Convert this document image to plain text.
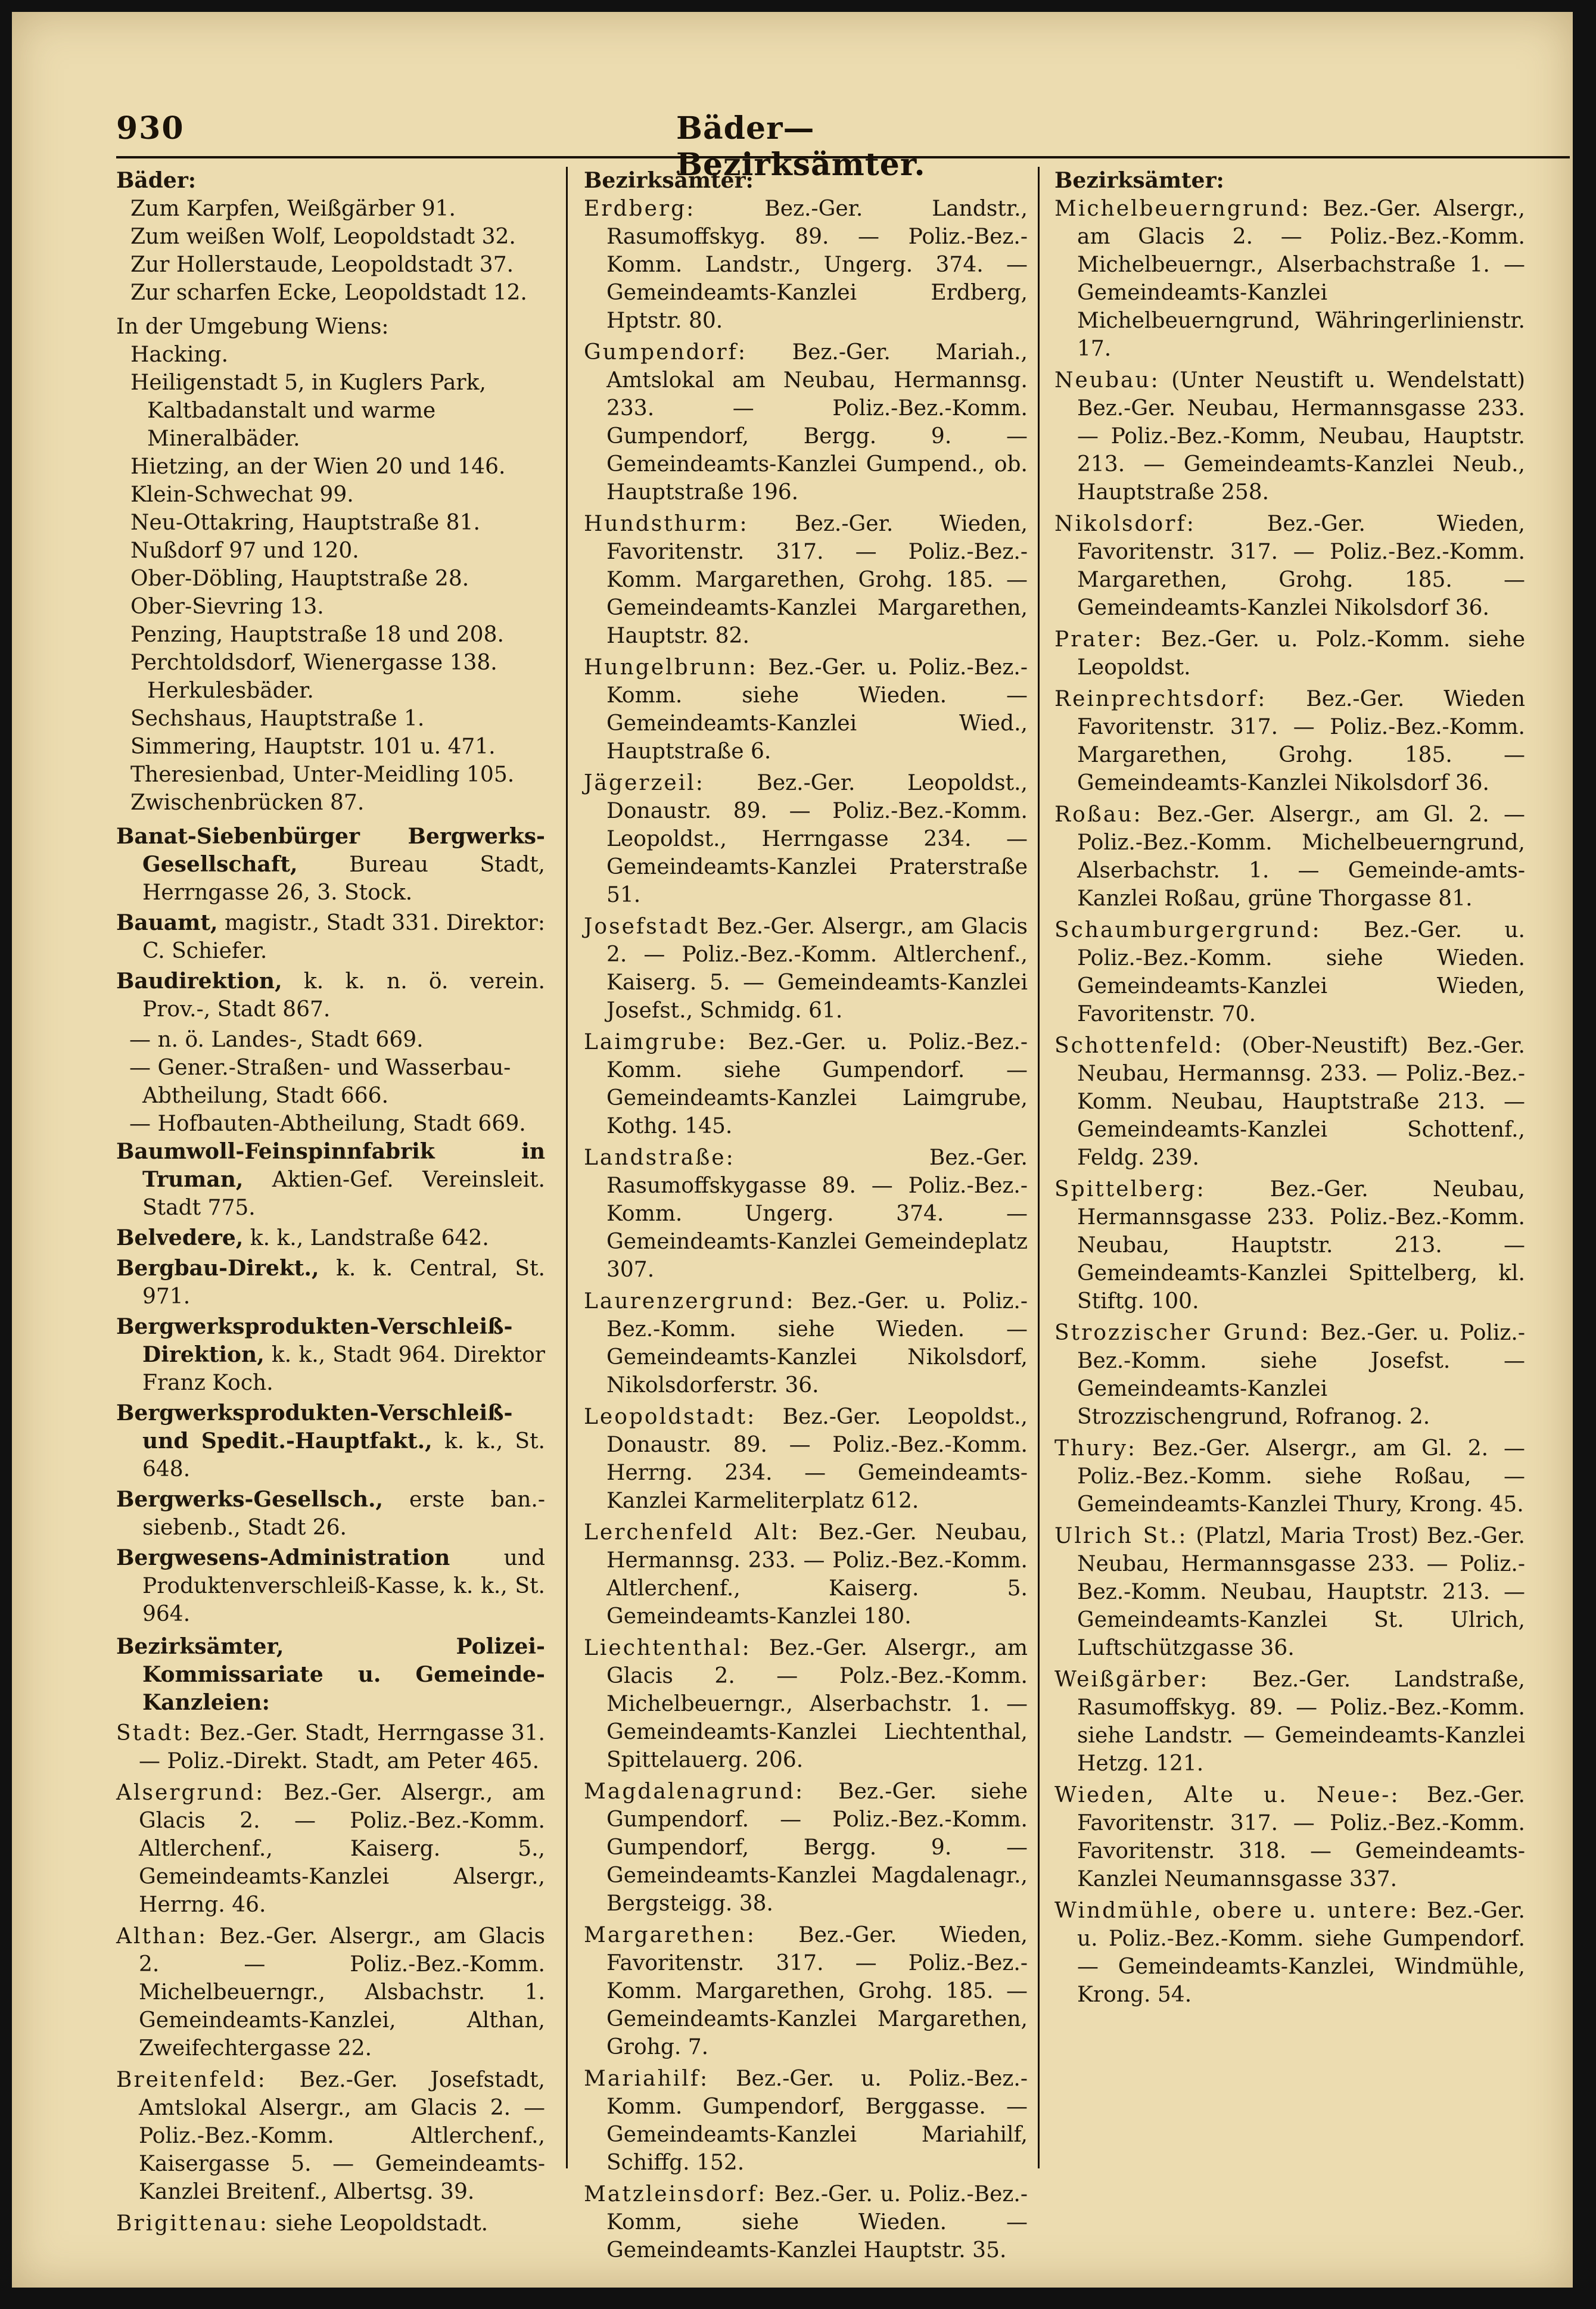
930	Bäder—Bezirksämter.

Bäder:

Zum Karpfen, Weißgärber 91.

Zum weißen Wolf, Leopoldstadt 32.

Zur Hollerstaude, Leopoldstadt 37.

Zur scharfen Ecke, Leopoldstadt 12.

In der Umgebung Wiens:

Hacking.

Heiligenstadt 5, in Kuglers Park, Kaltbadanstalt und warme Mineralbäder.

Hietzing, an der Wien 20 und 146.

Klein-Schwechat 99.

Neu-Ottakring, Hauptstraße 81.

Nußdorf 97 und 120.

Ober-Döbling, Hauptstraße 28.

Ober-Sievring 13.

Penzing, Hauptstraße 18 und 208.

Perchtoldsdorf, Wienergasse 138. Herkulesbäder.

Sechshaus, Hauptstraße 1.

Simmering, Hauptstr. 101 u. 471.

Theresienbad, Unter-Meidling 105.

Zwischenbrücken 87.

Banat-Siebenbürger Bergwerks-Gesellschaft, Bureau Stadt, Herrngasse 26, 3. Stock.

Bauamt, magistr., Stadt 331. Direktor: C. Schiefer.

Baudirektion, k. k. n. ö. verein. Prov.-, Stadt 867.

— n. ö. Landes-, Stadt 669.

— Gener.-Straßen- und Wasserbau-Abtheilung, Stadt 666.

— Hofbauten-Abtheilung, Stadt 669.

Baumwoll-Feinspinnfabrik in Truman, Aktien-Gef. Vereinsleit. Stadt 775.

Belvedere, k. k., Landstraße 642.

Bergbau-Direkt., k. k. Central, St. 971.

Bergwerksprodukten-Verschleiß-Direktion, k. k., Stadt 964. Direktor Franz Koch.

Bergwerksprodukten-Verschleiß- und Spedit.-Hauptfakt., k. k., St. 648.

Bergwerks-Gesellsch., erste ban.-siebenb., Stadt 26.

Bergwesens-Administration und Produktenverschleiß-Kasse, k. k., St. 964.

Bezirksämter, Polizei-Kommissariate u. Gemeinde-Kanzleien:

Stadt: Bez.-Ger. Stadt, Herrngasse 31. — Poliz.-Direkt. Stadt, am Peter 465.

Alsergrund: Bez.-Ger. Alsergr., am Glacis 2. — Poliz.-Bez.-Komm. Altlerchenf., Kaiserg. 5., Gemeindeamts-Kanzlei Alsergr., Herrng. 46.

Althan: Bez.-Ger. Alsergr., am Glacis 2. — Poliz.-Bez.-Komm. Michelbeuerngr., Alsbachstr. 1. Gemeindeamts-Kanzlei, Althan, Zweifechtergasse 22.

Breitenfeld: Bez.-Ger. Josefstadt, Amtslokal Alsergr., am Glacis 2. — Poliz.-Bez.-Komm. Altlerchenf., Kaisergasse 5. — Gemeindeamts-Kanzlei Breitenf., Albertsg. 39.

Brigittenau: siehe Leopoldstadt.

Bezirksämter:

Erdberg: Bez.-Ger. Landstr., Rasumoffskyg. 89. — Poliz.-Bez.-Komm. Landstr., Ungerg. 374. — Gemeindeamts-Kanzlei Erdberg, Hptstr. 80.

Gumpendorf: Bez.-Ger. Mariah., Amtslokal am Neubau, Hermannsg. 233. — Poliz.-Bez.-Komm. Gumpendorf, Bergg. 9. — Gemeindeamts-Kanzlei Gumpend., ob. Hauptstraße 196.

Hundsthurm: Bez.-Ger. Wieden, Favoritenstr. 317. — Poliz.-Bez.-Komm. Margarethen, Grohg. 185. — Gemeindeamts-Kanzlei Margarethen, Hauptstr. 82.

Hungelbrunn: Bez.-Ger. u. Poliz.-Bez.-Komm. siehe Wieden. — Gemeindeamts-Kanzlei Wied., Hauptstraße 6.

Jägerzeil: Bez.-Ger. Leopoldst., Donaustr. 89. — Poliz.-Bez.-Komm. Leopoldst., Herrngasse 234. — Gemeindeamts-Kanzlei Praterstraße 51.

Josefstadt Bez.-Ger. Alsergr., am Glacis 2. — Poliz.-Bez.-Komm. Altlerchenf., Kaiserg. 5. — Gemeindeamts-Kanzlei Josefst., Schmidg. 61.

Laimgrube: Bez.-Ger. u. Poliz.-Bez.-Komm. siehe Gumpendorf. — Gemeindeamts-Kanzlei Laimgrube, Kothg. 145.

Landstraße: Bez.-Ger. Rasumoffskygasse 89. — Poliz.-Bez.-Komm. Ungerg. 374. — Gemeindeamts-Kanzlei Gemeindeplatz 307.

Laurenzergrund: Bez.-Ger. u. Poliz.-Bez.-Komm. siehe Wieden. — Gemeindeamts-Kanzlei Nikolsdorf, Nikolsdorferstr. 36.

Leopoldstadt: Bez.-Ger. Leopoldst., Donaustr. 89. — Poliz.-Bez.-Komm. Herrng. 234. — Gemeindeamts-Kanzlei Karmeliterplatz 612.

Lerchenfeld Alt: Bez.-Ger. Neubau, Hermannsg. 233. — Poliz.-Bez.-Komm. Altlerchenf., Kaiserg. 5. Gemeindeamts-Kanzlei 180.

Liechtenthal: Bez.-Ger. Alsergr., am Glacis 2. — Polz.-Bez.-Komm. Michelbeuerngr., Alserbachstr. 1. — Gemeindeamts-Kanzlei Liechtenthal, Spittelauerg. 206.

Magdalenagrund: Bez.-Ger. siehe Gumpendorf. — Poliz.-Bez.-Komm. Gumpendorf, Bergg. 9. — Gemeindeamts-Kanzlei Magdalenagr., Bergsteigg. 38.

Margarethen: Bez.-Ger. Wieden, Favoritenstr. 317. — Poliz.-Bez.-Komm. Margarethen, Grohg. 185. — Gemeindeamts-Kanzlei Margarethen, Grohg. 7.

Mariahilf: Bez.-Ger. u. Poliz.-Bez.-Komm. Gumpendorf, Berggasse. — Gemeindeamts-Kanzlei Mariahilf, Schiffg. 152.

Matzleinsdorf: Bez.-Ger. u. Poliz.-Bez.-Komm, siehe Wieden. — Gemeindeamts-Kanzlei Hauptstr. 35.

Bezirksämter:

Michelbeuerngrund: Bez.-Ger. Alsergr., am Glacis 2. — Poliz.-Bez.-Komm. Michelbeuerngr., Alserbachstraße 1. — Gemeindeamts-Kanzlei Michelbeuerngrund, Währingerlinienstr. 17.

Neubau: (Unter Neustift u. Wendelstatt) Bez.-Ger. Neubau, Hermannsgasse 233. — Poliz.-Bez.-Komm, Neubau, Hauptstr. 213. — Gemeindeamts-Kanzlei Neub., Hauptstraße 258.

Nikolsdorf: Bez.-Ger. Wieden, Favoritenstr. 317. — Poliz.-Bez.-Komm. Margarethen, Grohg. 185. — Gemeindeamts-Kanzlei Nikolsdorf 36.

Prater: Bez.-Ger. u. Polz.-Komm. siehe Leopoldst.

Reinprechtsdorf: Bez.-Ger. Wieden Favoritenstr. 317. — Poliz.-Bez.-Komm. Margarethen, Grohg. 185. — Gemeindeamts-Kanzlei Nikolsdorf 36.

Roßau: Bez.-Ger. Alsergr., am Gl. 2. — Poliz.-Bez.-Komm. Michelbeuerngrund, Alserbachstr. 1. — Gemeinde-amts-Kanzlei Roßau, grüne Thorgasse 81.

Schaumburgergrund: Bez.-Ger. u. Poliz.-Bez.-Komm. siehe Wieden. Gemeindeamts-Kanzlei Wieden, Favoritenstr. 70.

Schottenfeld: (Ober-Neustift) Bez.-Ger. Neubau, Hermannsg. 233. — Poliz.-Bez.-Komm. Neubau, Hauptstraße 213. — Gemeindeamts-Kanzlei Schottenf., Feldg. 239.

Spittelberg: Bez.-Ger. Neubau, Hermannsgasse 233. Poliz.-Bez.-Komm. Neubau, Hauptstr. 213. — Gemeindeamts-Kanzlei Spittelberg, kl. Stiftg. 100.

Strozzischer Grund: Bez.-Ger. u. Poliz.-Bez.-Komm. siehe Josefst. — Gemeindeamts-Kanzlei Strozzischengrund, Rofranog. 2.

Thury: Bez.-Ger. Alsergr., am Gl. 2. — Poliz.-Bez.-Komm. siehe Roßau, — Gemeindeamts-Kanzlei Thury, Krong. 45.

Ulrich St.: (Platzl, Maria Trost) Bez.-Ger. Neubau, Hermannsgasse 233. — Poliz.-Bez.-Komm. Neubau, Hauptstr. 213. — Gemeindeamts-Kanzlei St. Ulrich, Luftschützgasse 36.

Weißgärber: Bez.-Ger. Landstraße, Rasumoffskyg. 89. — Poliz.-Bez.-Komm. siehe Landstr. — Gemeindeamts-Kanzlei Hetzg. 121.

Wieden, Alte u. Neue-: Bez.-Ger. Favoritenstr. 317. — Poliz.-Bez.-Komm. Favoritenstr. 318. — Gemeindeamts-Kanzlei Neumannsgasse 337.

Windmühle, obere u. untere: Bez.-Ger. u. Poliz.-Bez.-Komm. siehe Gumpendorf. — Gemeindeamts-Kanzlei, Windmühle, Krong. 54.
